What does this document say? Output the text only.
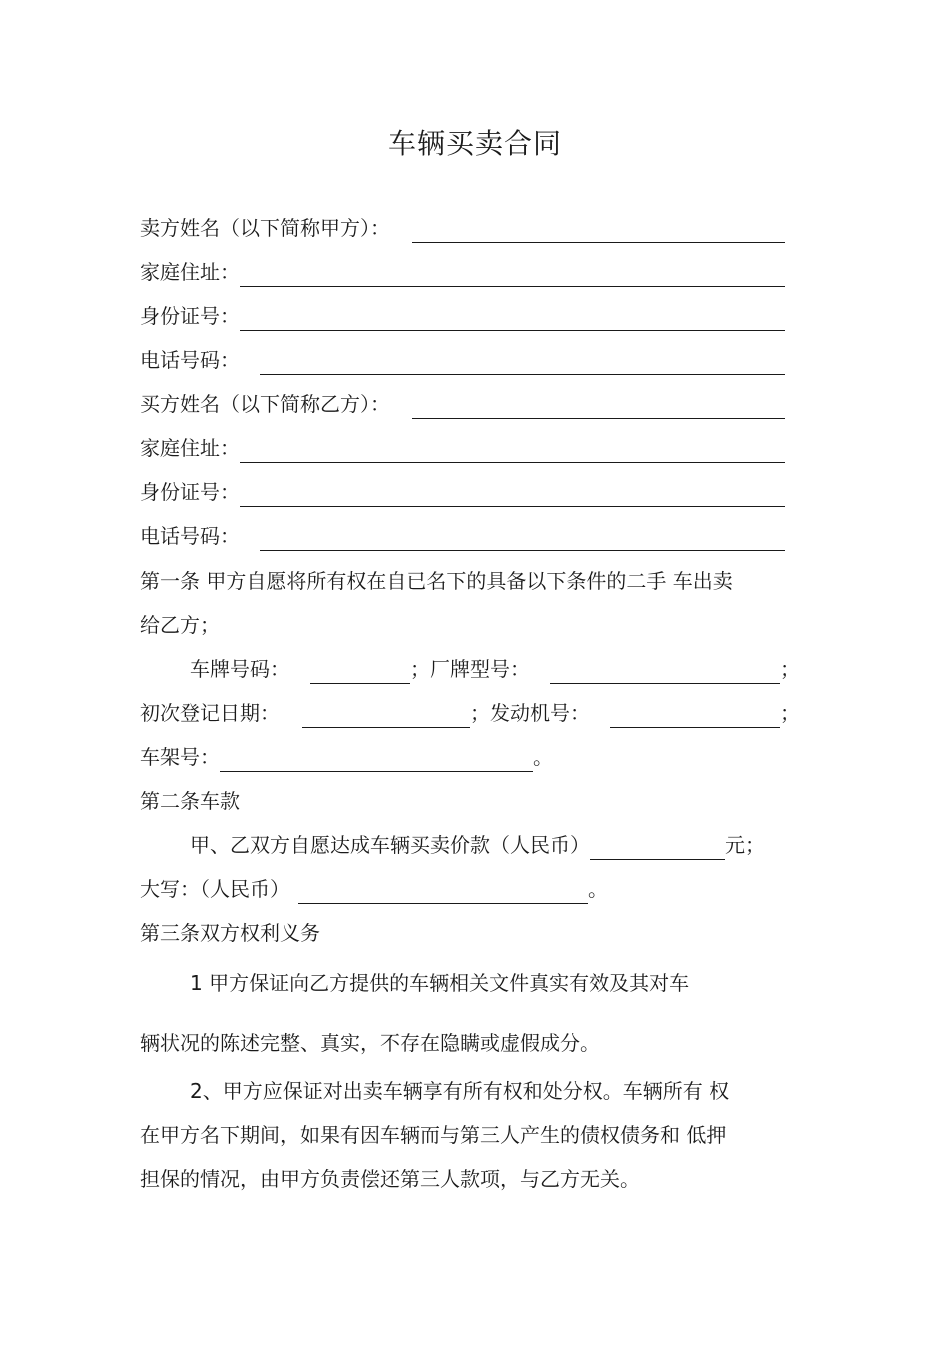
车辆买卖合同
卖方姓名（以下简称甲方）：
家庭住址：
身份证号：
电话号码：
买方姓名（以下简称乙方）：
家庭住址：
身份证号：
电话号码：
第一条 甲方自愿将所有权在自已名下的具备以下条件的二手 车出卖
给乙方；
车牌号码：	；厂牌型号：	；
初次登记日期：	；发动机号：	；
车架号：	。
第二条车款
甲、乙双方自愿达成车辆买卖价款（人民币）	元；
大写：（人民币）	。
第三条双方权利义务
1 甲方保证向乙方提供的车辆相关文件真实有效及其对车
辆状况的陈述完整、真实，不存在隐瞒或虚假成分。
2、甲方应保证对出卖车辆享有所有权和处分权。车辆所有 权
在甲方名下期间，如果有因车辆而与第三人产生的债权债务和 低押
担保的情况，由甲方负责偿还第三人款项，与乙方无关。
